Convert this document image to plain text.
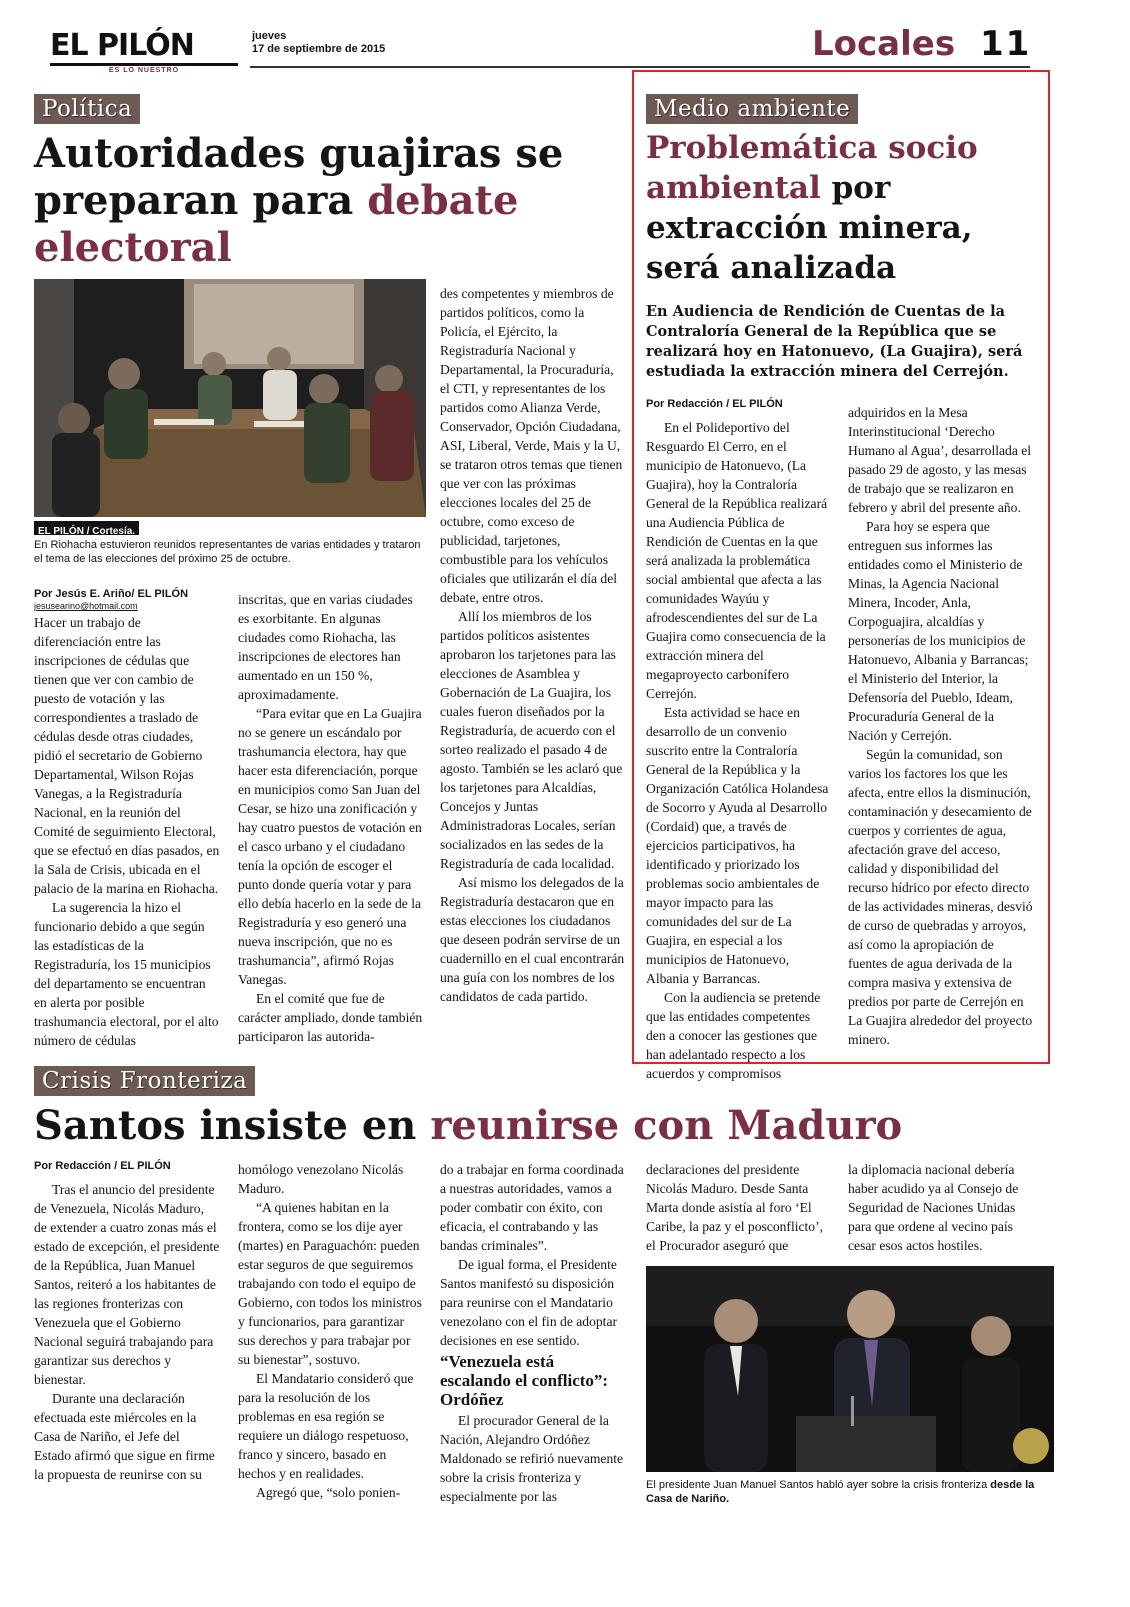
EL PILÓN
ES LO NUESTRO
jueves
17 de septiembre de 2015	Locales 11
Política
Autoridades guajiras se preparan para debate electoral
EL PILÓN / Cortesía.
En Riohacha estuvieron reunidos representantes de varias entidades y trataron el tema de las elecciones del próximo 25 de octubre.
Por Jesús E. Ariño/ EL PILÓN
jesusearino@hotmail.com

Hacer un trabajo de diferenciación entre las inscripciones de cédulas que tienen que ver con cambio de puesto de votación y las correspondientes a traslado de cédulas desde otras ciudades, pidió el secretario de Gobierno Departamental, Wilson Rojas Vanegas, a la Registraduría Nacional, en la reunión del Comité de seguimiento Electoral, que se efectuó en días pasados, en la Sala de Crisis, ubicada en el palacio de la marina en Riohacha.

La sugerencia la hizo el funcionario debido a que según las estadísticas de la Registraduría, los 15 municipios del departamento se encuentran en alerta por posible trashumancia electoral, por el alto número de cédulas

inscritas, que en varias ciudades es exorbitante. En algunas ciudades como Riohacha, las inscripciones de electores han aumentado en un 150 %, aproximadamente.

“Para evitar que en La Guajira no se genere un escándalo por trashumancia electora, hay que hacer esta diferenciación, porque en municipios como San Juan del Cesar, se hizo una zonificación y hay cuatro puestos de votación en el casco urbano y el ciudadano tenía la opción de escoger el punto donde quería votar y para ello debía hacerlo en la sede de la Registraduría y eso generó una nueva inscripción, que no es trashumancia”, afirmó Rojas Vanegas.

En el comité que fue de carácter ampliado, donde también participaron las autorida-

des competentes y miembros de partidos políticos, como la Policía, el Ejército, la Registraduría Nacional y Departamental, la Procuraduría, el CTI, y representantes de los partidos como Alianza Verde, Conservador, Opción Ciudadana, ASI, Liberal, Verde, Mais y la U, se trataron otros temas que tienen que ver con las próximas elecciones locales del 25 de octubre, como exceso de publicidad, tarjetones, combustible para los vehículos oficiales que utilizarán el día del debate, entre otros.

Allí los miembros de los partidos políticos asistentes aprobaron los tarjetones para las elecciones de Asamblea y Gobernación de La Guajira, los cuales fueron diseñados por la Registraduría, de acuerdo con el sorteo realizado el pasado 4 de agosto. También se les aclaró que los tarjetones para Alcaldías, Concejos y Juntas Administradoras Locales, serían socializados en las sedes de la Registraduría de cada localidad.

Así mismo los delegados de la Registraduría destacaron que en estas elecciones los ciudadanos que deseen podrán servirse de un cuadernillo en el cual encontrarán una guía con los nombres de los candidatos de cada partido.

Medio ambiente
Problemática socio ambiental por extracción minera, será analizada
En Audiencia de Rendición de Cuentas de la Contraloría General de la República que se realizará hoy en Hatonuevo, (La Guajira), será estudiada la extracción minera del Cerrejón.
Por Redacción / EL PILÓN

En el Polideportivo del Resguardo El Cerro, en el municipio de Hatonuevo, (La Guajira), hoy la Contraloría General de la República realizará una Audiencia Pública de Rendición de Cuentas en la que será analizada la problemática social ambiental que afecta a las comunidades Wayúu y afrodescendientes del sur de La Guajira como consecuencia de la extracción minera del megaproyecto carbonífero Cerrejón.

Esta actividad se hace en desarrollo de un convenio suscrito entre la Contraloría General de la República y la Organización Católica Holandesa de Socorro y Ayuda al Desarrollo (Cordaid) que, a través de ejercicios participativos, ha identificado y priorizado los problemas socio ambientales de mayor impacto para las comunidades del sur de La Guajira, en especial a los municipios de Hatonuevo, Albania y Barrancas.

Con la audiencia se pretende que las entidades competentes den a conocer las gestiones que han adelantado respecto a los acuerdos y compromisos

adquiridos en la Mesa Interinstitucional ‘Derecho Humano al Agua’, desarrollada el pasado 29 de agosto, y las mesas de trabajo que se realizaron en febrero y abril del presente año.

Para hoy se espera que entreguen sus informes las entidades como el Ministerio de Minas, la Agencia Nacional Minera, Incoder, Anla, Corpoguajira, alcaldías y personerías de los municipios de Hatonuevo, Albania y Barrancas; el Ministerio del Interior, la Defensoría del Pueblo, Ideam, Procuraduría General de la Nación y Cerrejón.

Según la comunidad, son varios los factores los que les afecta, entre ellos la disminución, contaminación y desecamiento de cuerpos y corrientes de agua, afectación grave del acceso, calidad y disponibilidad del recurso hídrico por efecto directo de las actividades mineras, desvió de curso de quebradas y arroyos, así como la apropiación de fuentes de agua derivada de la compra masiva y extensiva de predios por parte de Cerrejón en La Guajira alrededor del proyecto minero.

Crisis Fronteriza
Santos insiste en reunirse con Maduro
Por Redacción / EL PILÓN

Tras el anuncio del presidente de Venezuela, Nicolás Maduro, de extender a cuatro zonas más el estado de excepción, el presidente de la República, Juan Manuel Santos, reiteró a los habitantes de las regiones fronterizas con Venezuela que el Gobierno Nacional seguirá trabajando para garantizar sus derechos y bienestar.

Durante una declaración efectuada este miércoles en la Casa de Nariño, el Jefe del Estado afirmó que sigue en firme la propuesta de reunirse con su

homólogo venezolano Nicolás Maduro.

“A quienes habitan en la frontera, como se los dije ayer (martes) en Paraguachón: pueden estar seguros de que seguiremos trabajando con todo el equipo de Gobierno, con todos los ministros y funcionarios, para garantizar sus derechos y para trabajar por su bienestar”, sostuvo.

El Mandatario consideró que para la resolución de los problemas en esa región se requiere un diálogo respetuoso, franco y sincero, basado en hechos y en realidades.

Agregó que, “solo ponien-

do a trabajar en forma coordinada a nuestras autoridades, vamos a poder combatir con éxito, con eficacia, el contrabando y las bandas criminales”.

De igual forma, el Presidente Santos manifestó su disposición para reunirse con el Mandatario venezolano con el fin de adoptar decisiones en ese sentido.

“Venezuela está escalando el conflicto”: Ordóñez

El procurador General de la Nación, Alejandro Ordóñez Maldonado se refirió nuevamente sobre la crisis fronteriza y especialmente por las

declaraciones del presidente Nicolás Maduro. Desde Santa Marta donde asistía al foro ‘El Caribe, la paz y el posconflicto’, el Procurador aseguró que

la diplomacia nacional debería haber acudido ya al Consejo de Seguridad de Naciones Unidas para que ordene al vecino país cesar esos actos hostiles.

El presidente Juan Manuel Santos habló ayer sobre la crisis fronteriza desde la Casa de Nariño.
